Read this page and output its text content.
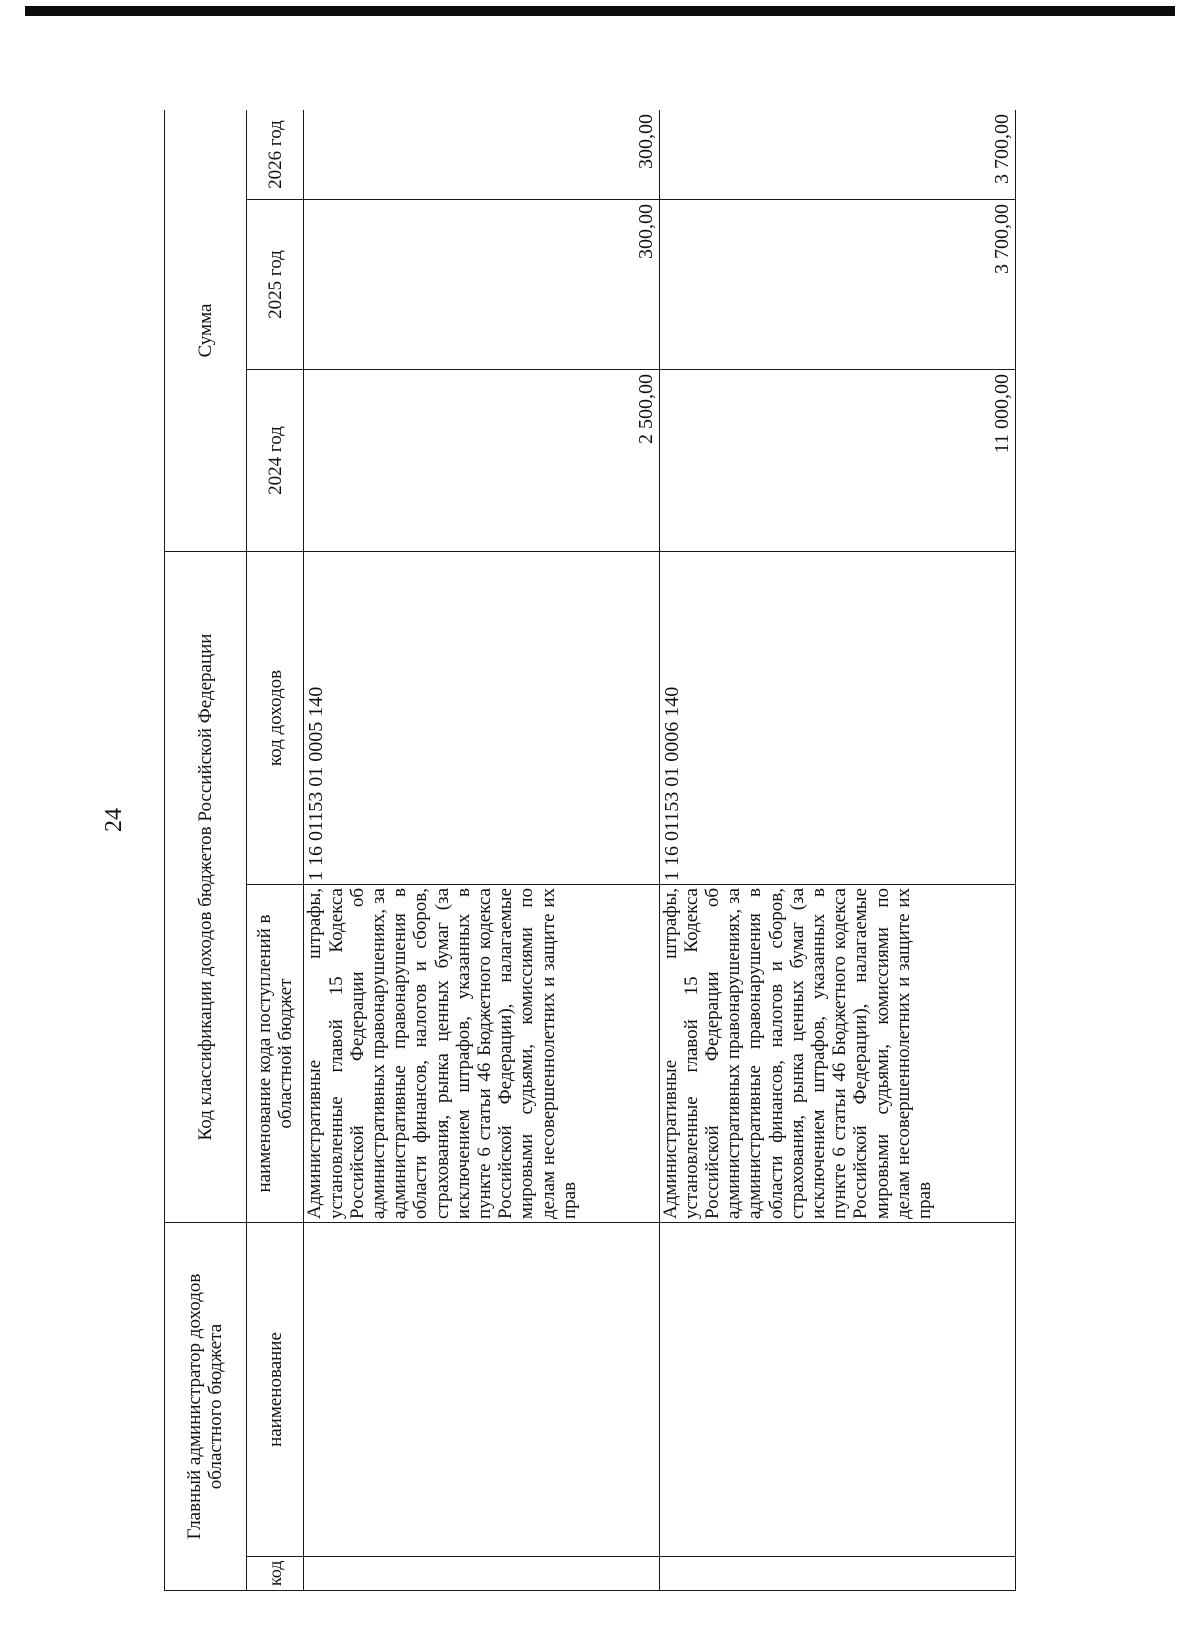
24
Главный администратор доходов областного бюджета		Код классификации доходов бюджетов Российской Федерации		Сумма		
код	наименование	наименование кода поступлений в областной бюджет	код доходов	2024 год	2025 год	2026 год
		Административные штрафы, установленные главой 15 Кодекса Российской Федерации об административных правонарушениях, за административные правонарушения в области финансов, налогов и сборов, страхования, рынка ценных бумаг (за исключением штрафов, указанных в пункте 6 статьи 46 Бюджетного кодекса Российской Федерации), налагаемые мировыми судьями, комиссиями по делам несовершеннолетних и защите их прав	1 16 01153 01 0005 140	2 500,00	300,00	300,00
		Административные штрафы, установленные главой 15 Кодекса Российской Федерации об административных правонарушениях, за административные правонарушения в области финансов, налогов и сборов, страхования, рынка ценных бумаг (за исключением штрафов, указанных в пункте 6 статьи 46 Бюджетного кодекса Российской Федерации), налагаемые мировыми судьями, комиссиями по делам несовершеннолетних и защите их прав	1 16 01153 01 0006 140	11 000,00	3 700,00	3 700,00
